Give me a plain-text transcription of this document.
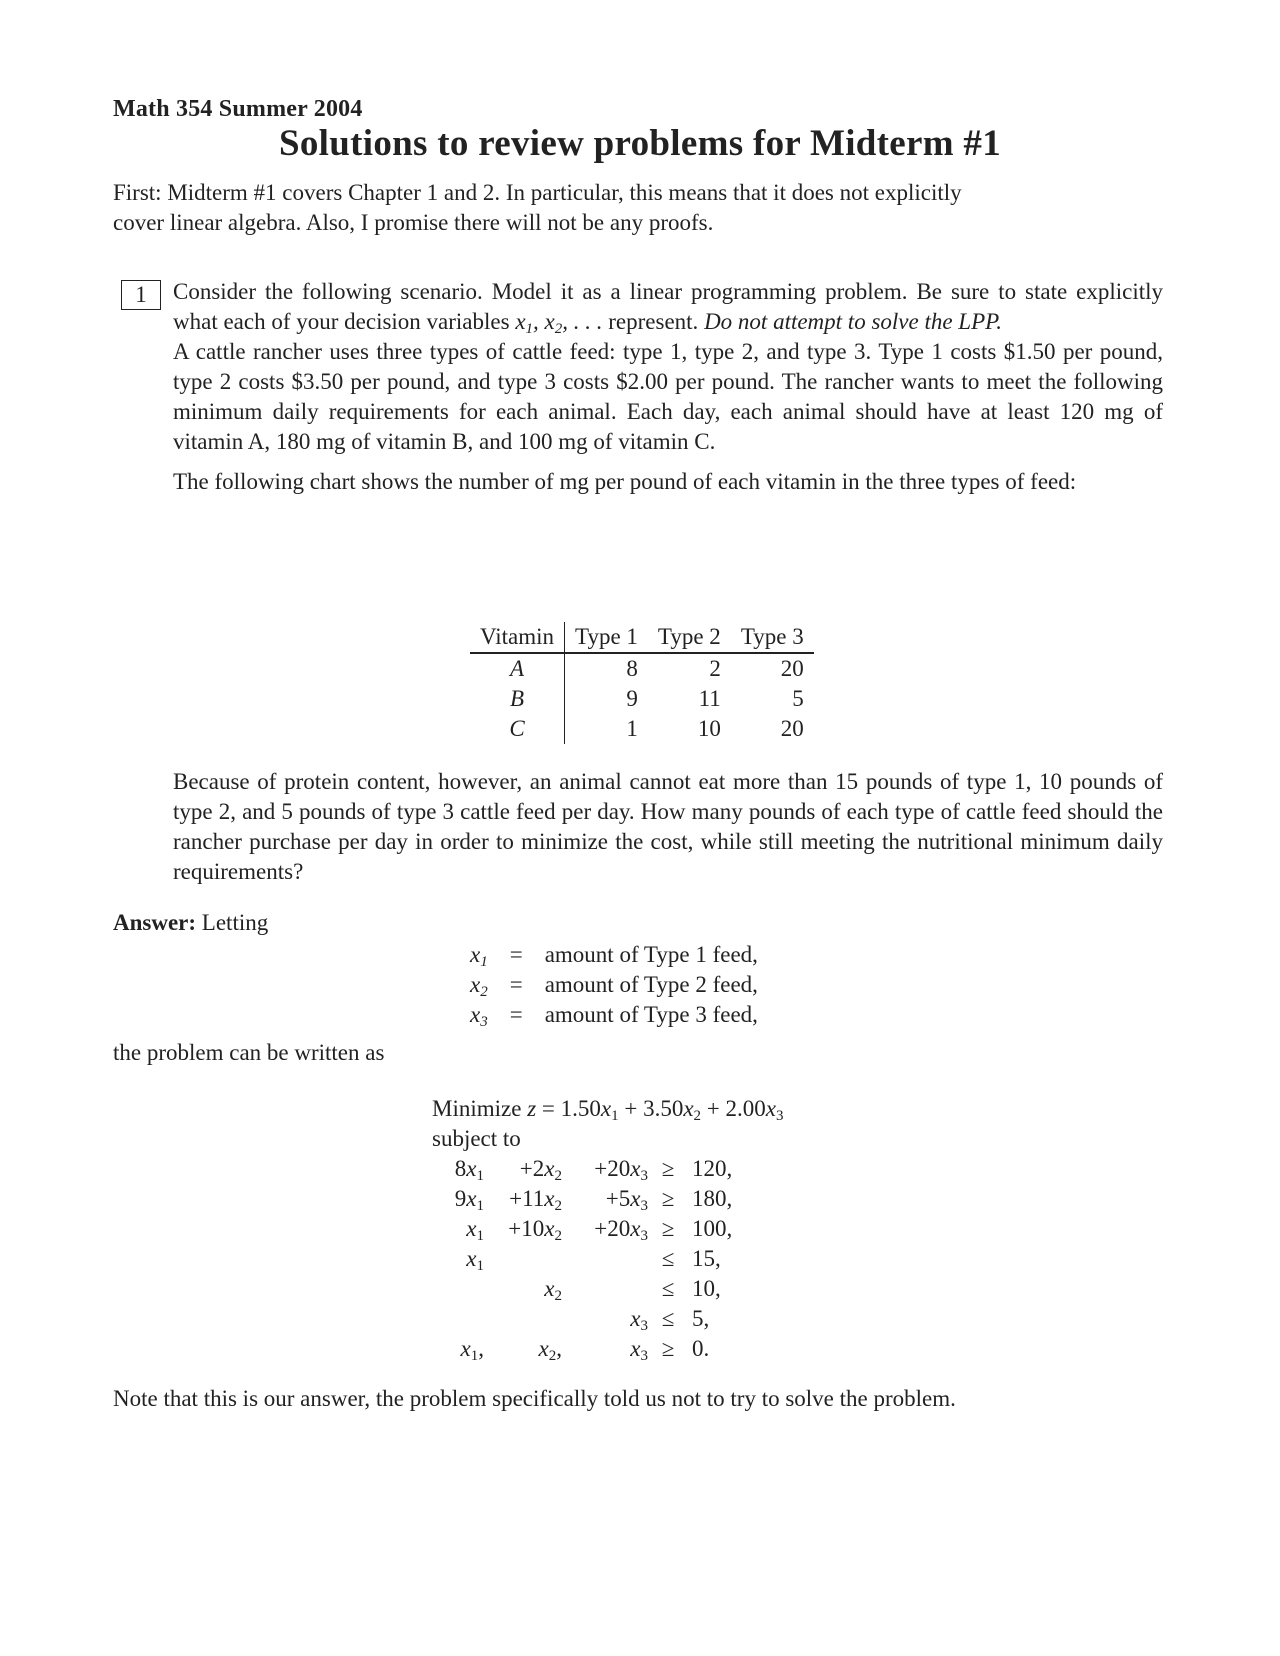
Math 354 Summer 2004
Solutions to review problems for Midterm #1
First: Midterm #1 covers Chapter 1 and 2. In particular, this means that it does not explicitly
cover linear algebra. Also, I promise there will not be any proofs.
1	Consider the following scenario. Model it as a linear programming problem. Be sure to state explicitly what each of your decision variables $x_1$, $x_2$, . . . represent. Do not attempt to solve the LPP.

A cattle rancher uses three types of cattle feed: type 1, type 2, and type 3. Type 1 costs $1.50 per pound, type 2 costs $3.50 per pound, and type 3 costs $2.00 per pound. The rancher wants to meet the following minimum daily requirements for each animal. Each day, each animal should have at least 120 mg of vitamin A, 180 mg of vitamin B, and 100 mg of vitamin C.

The following chart shows the number of mg per pound of each vitamin in the three types of feed:

Vitamin	Type 1	Type 2	Type 3
A	8	2	20
B	9	11	5
C	1	10	20
Because of protein content, however, an animal cannot eat more than 15 pounds of type 1, 10 pounds of type 2, and 5 pounds of type 3 cattle feed per day. How many pounds of each type of cattle feed should the rancher purchase per day in order to minimize the cost, while still meeting the nutritional minimum daily requirements?
Answer: Letting
$x_1$	=	amount of Type 1 feed,
$x_2$	=	amount of Type 2 feed,
$x_3$	=	amount of Type 3 feed,
the problem can be written as
Minimize $z = 1.50x_1 + 3.50x_2 + 2.00x_3$
subject to
$8x_1$	$+2x_2$	$+20x_3$	≥	120,
$9x_1$	$+11x_2$	$+5x_3$	≥	180,
$x_1$	$+10x_2$	$+20x_3$	≥	100,
$x_1$			≤	15,
	$x_2$		≤	10,
		$x_3$	≤	5,
$x_1$,	$x_2$,	$x_3$	≥	0.
Note that this is our answer, the problem specifically told us not to try to solve the problem.
